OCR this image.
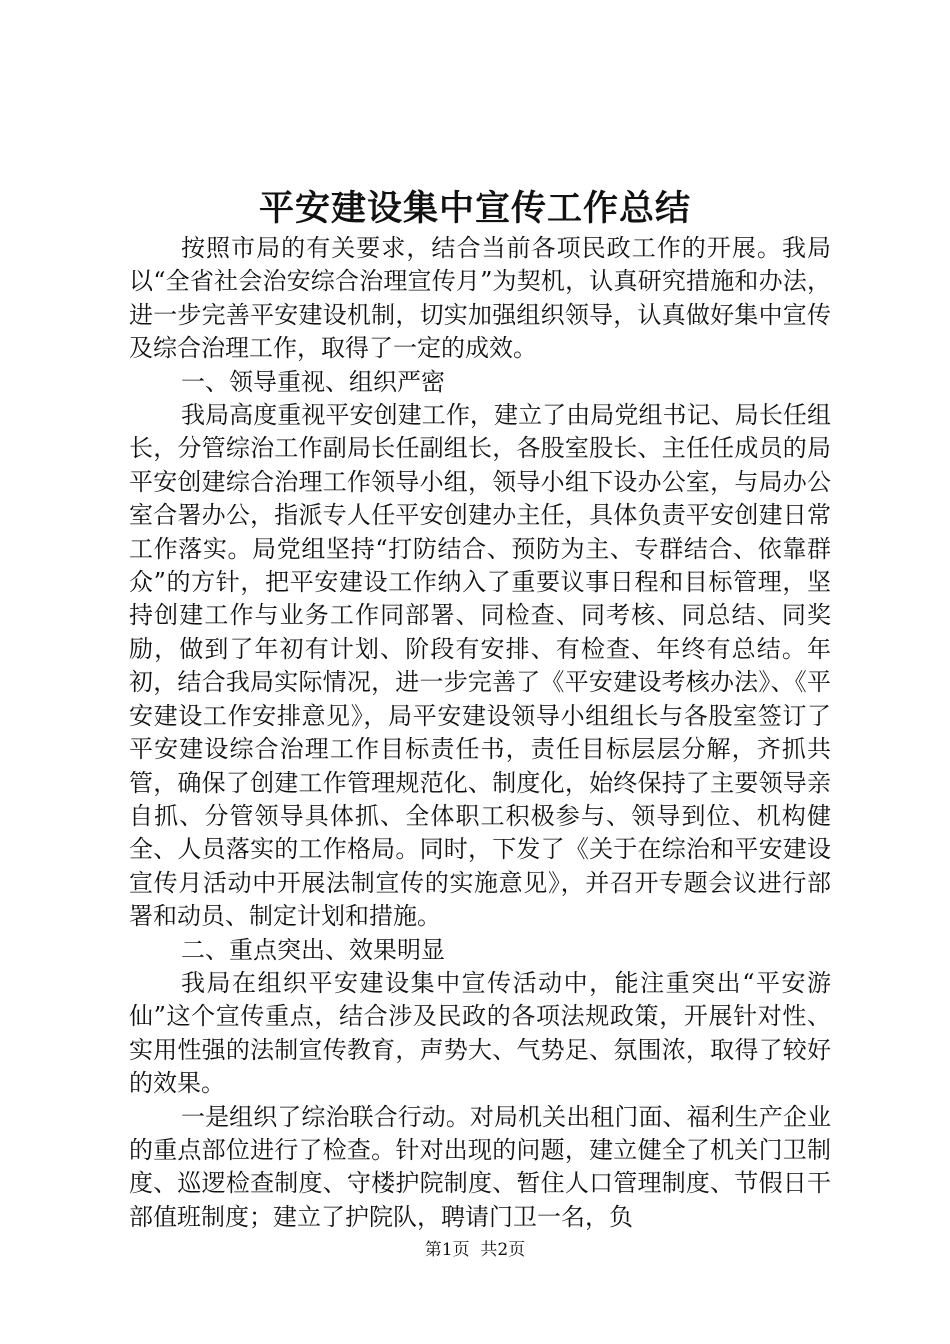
平安建设集中宣传工作总结

按照市局的有关要求，结合当前各项民政工作的开展。我局以“全省社会治安综合治理宣传月”为契机，认真研究措施和办法，进一步完善平安建设机制，切实加强组织领导，认真做好集中宣传及综合治理工作，取得了一定的成效。

一、领导重视、组织严密

我局高度重视平安创建工作，建立了由局党组书记、局长任组长，分管综治工作副局长任副组长，各股室股长、主任任成员的局平安创建综合治理工作领导小组，领导小组下设办公室，与局办公室合署办公，指派专人任平安创建办主任，具体负责平安创建日常工作落实。局党组坚持“打防结合、预防为主、专群结合、依靠群众”的方针，把平安建设工作纳入了重要议事日程和目标管理，坚持创建工作与业务工作同部署、同检查、同考核、同总结、同奖励，做到了年初有计划、阶段有安排、有检查、年终有总结。年初，结合我局实际情况，进一步完善了《平安建设考核办法》、《平安建设工作安排意见》，局平安建设领导小组组长与各股室签订了平安建设综合治理工作目标责任书，责任目标层层分解，齐抓共管，确保了创建工作管理规范化、制度化，始终保持了主要领导亲自抓、分管领导具体抓、全体职工积极参与、领导到位、机构健全、人员落实的工作格局。同时，下发了《关于在综治和平安建设宣传月活动中开展法制宣传的实施意见》，并召开专题会议进行部署和动员、制定计划和措施。

二、重点突出、效果明显

我局在组织平安建设集中宣传活动中，能注重突出“平安游仙”这个宣传重点，结合涉及民政的各项法规政策，开展针对性、实用性强的法制宣传教育，声势大、气势足、氛围浓，取得了较好的效果。

一是组织了综治联合行动。对局机关出租门面、福利生产企业的重点部位进行了检查。针对出现的问题，建立健全了机关门卫制度、巡逻检查制度、守楼护院制度、暂住人口管理制度、节假日干部值班制度；建立了护院队，聘请门卫一名，负

第1页  共2页
